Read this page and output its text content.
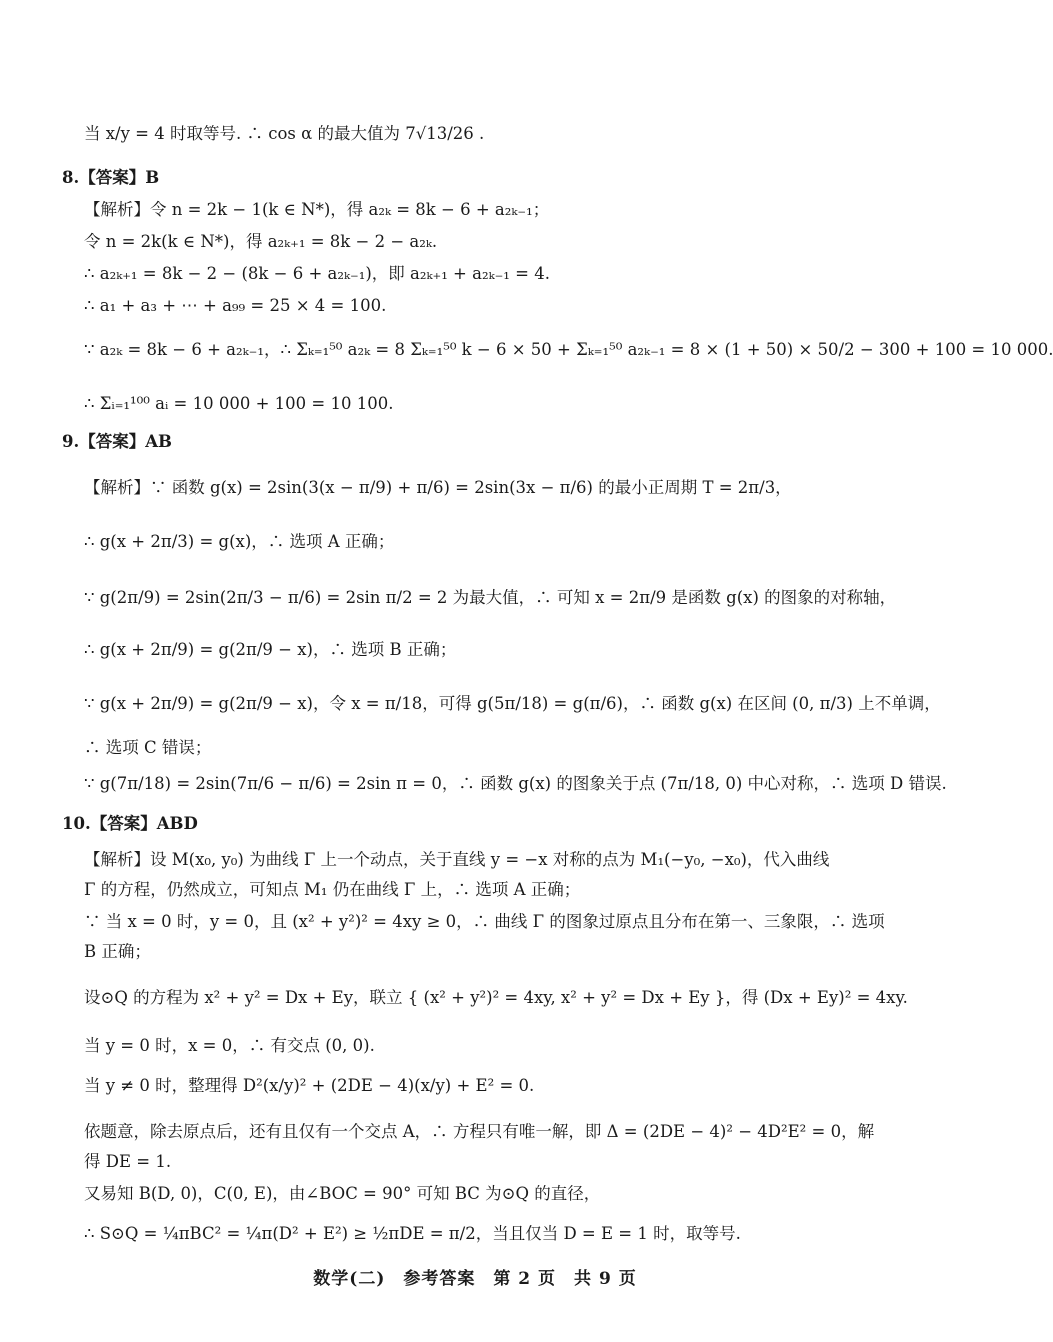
当 x/y = 4 时取等号. ∴ cos α 的最大值为 7√13/26 .
8.【答案】B
【解析】令 n = 2k − 1(k ∈ N*)，得 a₂ₖ = 8k − 6 + a₂ₖ₋₁；
令 n = 2k(k ∈ N*)，得 a₂ₖ₊₁ = 8k − 2 − a₂ₖ.
∴ a₂ₖ₊₁ = 8k − 2 − (8k − 6 + a₂ₖ₋₁)，即 a₂ₖ₊₁ + a₂ₖ₋₁ = 4.
∴ a₁ + a₃ + ⋯ + a₉₉ = 25 × 4 = 100.
∵ a₂ₖ = 8k − 6 + a₂ₖ₋₁，∴ Σₖ₌₁⁵⁰ a₂ₖ = 8 Σₖ₌₁⁵⁰ k − 6 × 50 + Σₖ₌₁⁵⁰ a₂ₖ₋₁ = 8 × (1 + 50) × 50/2 − 300 + 100 = 10 000.
∴ Σᵢ₌₁¹⁰⁰ aᵢ = 10 000 + 100 = 10 100.
9.【答案】AB
【解析】∵ 函数 g(x) = 2sin(3(x − π/9) + π/6) = 2sin(3x − π/6) 的最小正周期 T = 2π/3，
∴ g(x + 2π/3) = g(x)，∴ 选项 A 正确；
∵ g(2π/9) = 2sin(2π/3 − π/6) = 2sin π/2 = 2 为最大值，∴ 可知 x = 2π/9 是函数 g(x) 的图象的对称轴，
∴ g(x + 2π/9) = g(2π/9 − x)，∴ 选项 B 正确；
∵ g(x + 2π/9) = g(2π/9 − x)，令 x = π/18，可得 g(5π/18) = g(π/6)，∴ 函数 g(x) 在区间 (0, π/3) 上不单调，
∴ 选项 C 错误；
∵ g(7π/18) = 2sin(7π/6 − π/6) = 2sin π = 0，∴ 函数 g(x) 的图象关于点 (7π/18, 0) 中心对称，∴ 选项 D 错误.
10.【答案】ABD
【解析】设 M(x₀, y₀) 为曲线 Γ 上一个动点，关于直线 y = −x 对称的点为 M₁(−y₀, −x₀)，代入曲线
Γ 的方程，仍然成立，可知点 M₁ 仍在曲线 Γ 上，∴ 选项 A 正确；
∵ 当 x = 0 时，y = 0，且 (x² + y²)² = 4xy ≥ 0，∴ 曲线 Γ 的图象过原点且分布在第一、三象限，∴ 选项
B 正确；
设⊙Q 的方程为 x² + y² = Dx + Ey，联立 { (x² + y²)² = 4xy, x² + y² = Dx + Ey }，得 (Dx + Ey)² = 4xy.
当 y = 0 时，x = 0，∴ 有交点 (0, 0).
当 y ≠ 0 时，整理得 D²(x/y)² + (2DE − 4)(x/y) + E² = 0.
依题意，除去原点后，还有且仅有一个交点 A，∴ 方程只有唯一解，即 Δ = (2DE − 4)² − 4D²E² = 0，解
得 DE = 1.
又易知 B(D, 0)，C(0, E)，由∠BOC = 90° 可知 BC 为⊙Q 的直径，
∴ S⊙Q = ¼πBC² = ¼π(D² + E²) ≥ ½πDE = π/2，当且仅当 D = E = 1 时，取等号.
数学(二)　参考答案　第 2 页　共 9 页
